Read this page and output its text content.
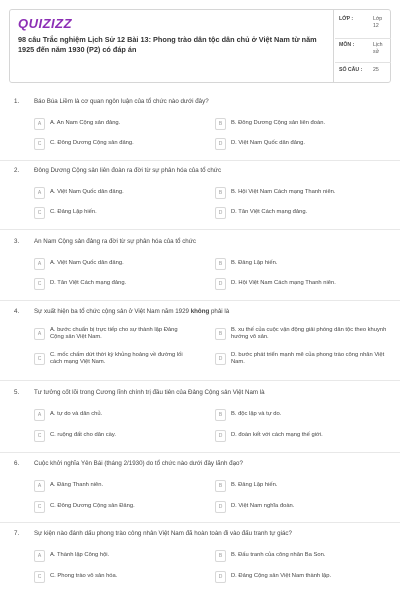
QUIZIZZ
98 câu Trắc nghiệm Lịch Sử 12 Bài 13: Phong trào dân tộc dân chủ ở Việt Nam từ năm 1925 đến năm 1930 (P2) có đáp án
LỚP :	Lớp 12
MÔN :	Lịch sử
SỐ CÂU : 25
1. Báo Búa Liềm là cơ quan ngôn luận của tổ chức nào dưới đây?
A	A. An Nam Cộng sản đảng.	B	B. Đông Dương Cộng sản liên đoàn.
C	C. Đông Dương Cộng sản đảng.	D	D. Việt Nam Quốc dân đảng.
2. Đông Dương Cộng sản liên đoàn ra đời từ sự phân hóa của tổ chức
A	A. Việt Nam Quốc dân đảng.	B	B. Hội Việt Nam Cách mạng Thanh niên.
C	C. Đảng Lập hiến.	D	D. Tân Việt Cách mạng đảng.
3. An Nam Cộng sản đảng ra đời từ sự phân hóa của tổ chức
A	A. Việt Nam Quốc dân đảng.	B	B. Đảng Lập hiến.
C	D. Tân Việt Cách mạng đảng.	D	D. Hội Việt Nam Cách mạng Thanh niên.
4. Sự xuất hiện ba tổ chức cộng sản ở Việt Nam năm 1929 không phải là
A
A. bước chuẩn bị trực tiếp cho sự thành lập Đảng Cộng sản Việt Nam.
B
B. xu thế của cuộc vận động giải phóng dân tộc theo khuynh hướng vô sản.
C
C. mốc chấm dứt thời kỳ khủng hoảng về đường lối cách mạng Việt Nam.
D
D. bước phát triển mạnh mẽ của phong trào công nhân Việt Nam.
5. Tư tưởng cốt lõi trong Cương lĩnh chính trị đầu tiên của Đảng Cộng sản Việt Nam là
A	A. tự do và dân chủ.	B	B. độc lập và tự do.
C	C. ruộng đất cho dân cày.	D	D. đoàn kết với cách mạng thế giới.
6. Cuộc khởi nghĩa Yên Bái (tháng 2/1930) do tổ chức nào dưới đây lãnh đạo?
A	A. Đảng Thanh niên.	B	B. Đảng Lập hiến.
C	C. Đông Dương Cộng sản Đảng.	D	D. Việt Nam nghĩa đoàn.
7. Sự kiện nào đánh dấu phong trào công nhân Việt Nam đã hoàn toàn đi vào đấu tranh tự giác?
A	A. Thành lập Công hội.	B	B. Đấu tranh của công nhân Ba Son.
C	C. Phong trào vô sản hóa.	D	D. Đảng Cộng sản Việt Nam thành lập.
